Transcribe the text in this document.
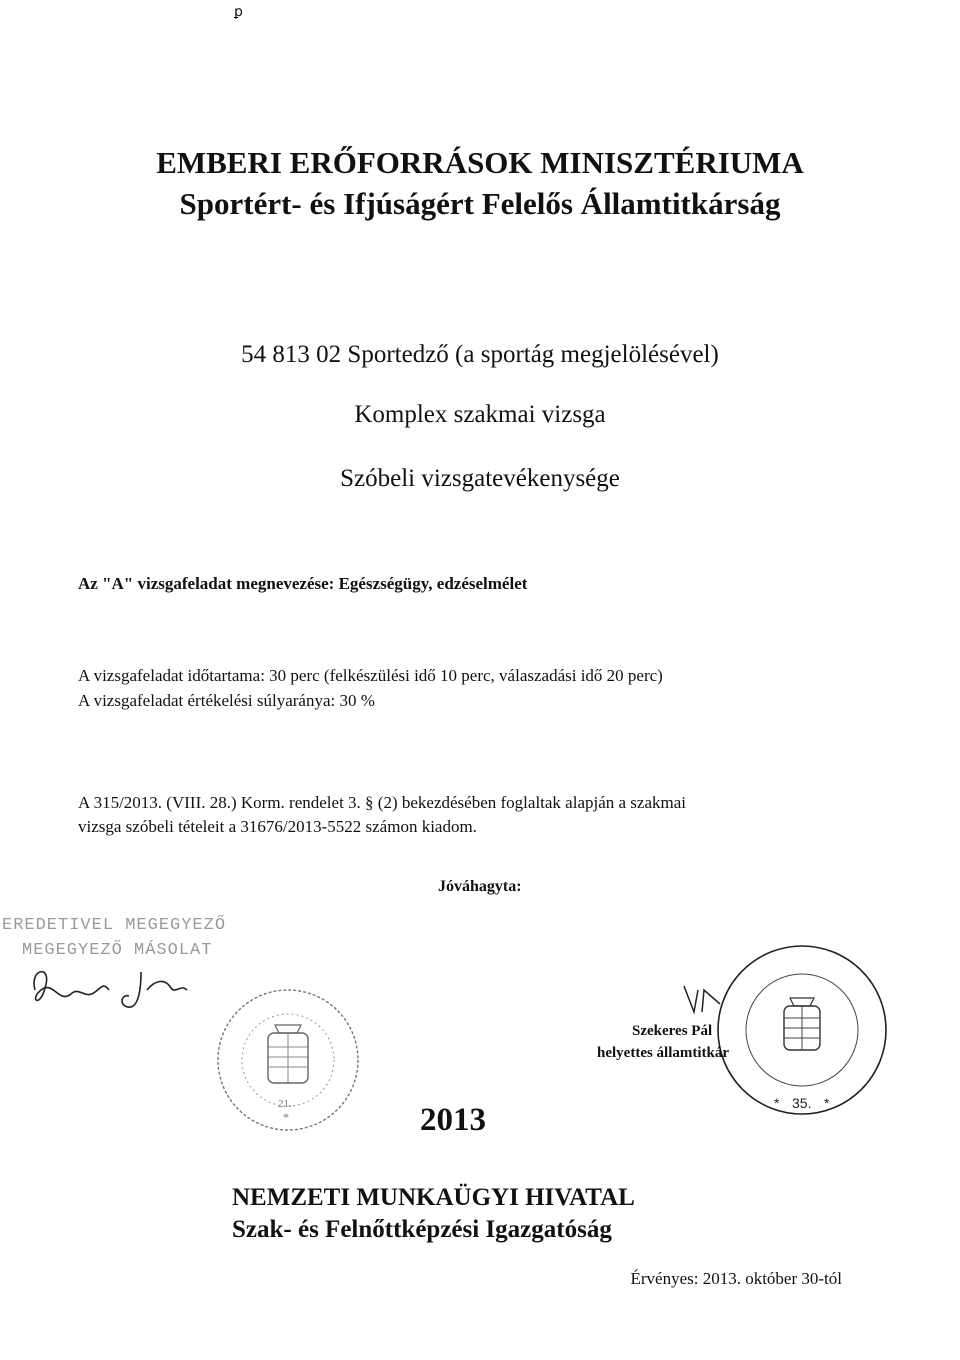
ꝑ
EMBERI ERŐFORRÁSOK MINISZTÉRIUMA
Sportért- és Ifjúságért Felelős Államtitkárság
54 813 02 Sportedző (a sportág megjelölésével)
Komplex szakmai vizsga
Szóbeli vizsgatevékenysége
Az "A" vizsgafeladat megnevezése: Egészségügy, edzéselmélet
A vizsgafeladat időtartama: 30 perc (felkészülési idő 10 perc, válaszadási idő 20 perc)
A vizsgafeladat értékelési súlyaránya: 30 %
A 315/2013. (VIII. 28.) Korm. rendelet 3. § (2) bekezdésében foglaltak alapján a szakmai
vizsga szóbeli tételeit a 31676/2013-5522 számon kiadom.
Jóváhagyta:
EREDETIVEL MEGEGYEZŐ
MEGEGYEZŐ MÁSOLAT
21.
*
35.
*	*
Szekeres Pál
helyettes államtitkár
2013
NEMZETI MUNKAÜGYI HIVATAL
Szak- és Felnőttképzési Igazgatóság
Érvényes: 2013. október 30-tól
